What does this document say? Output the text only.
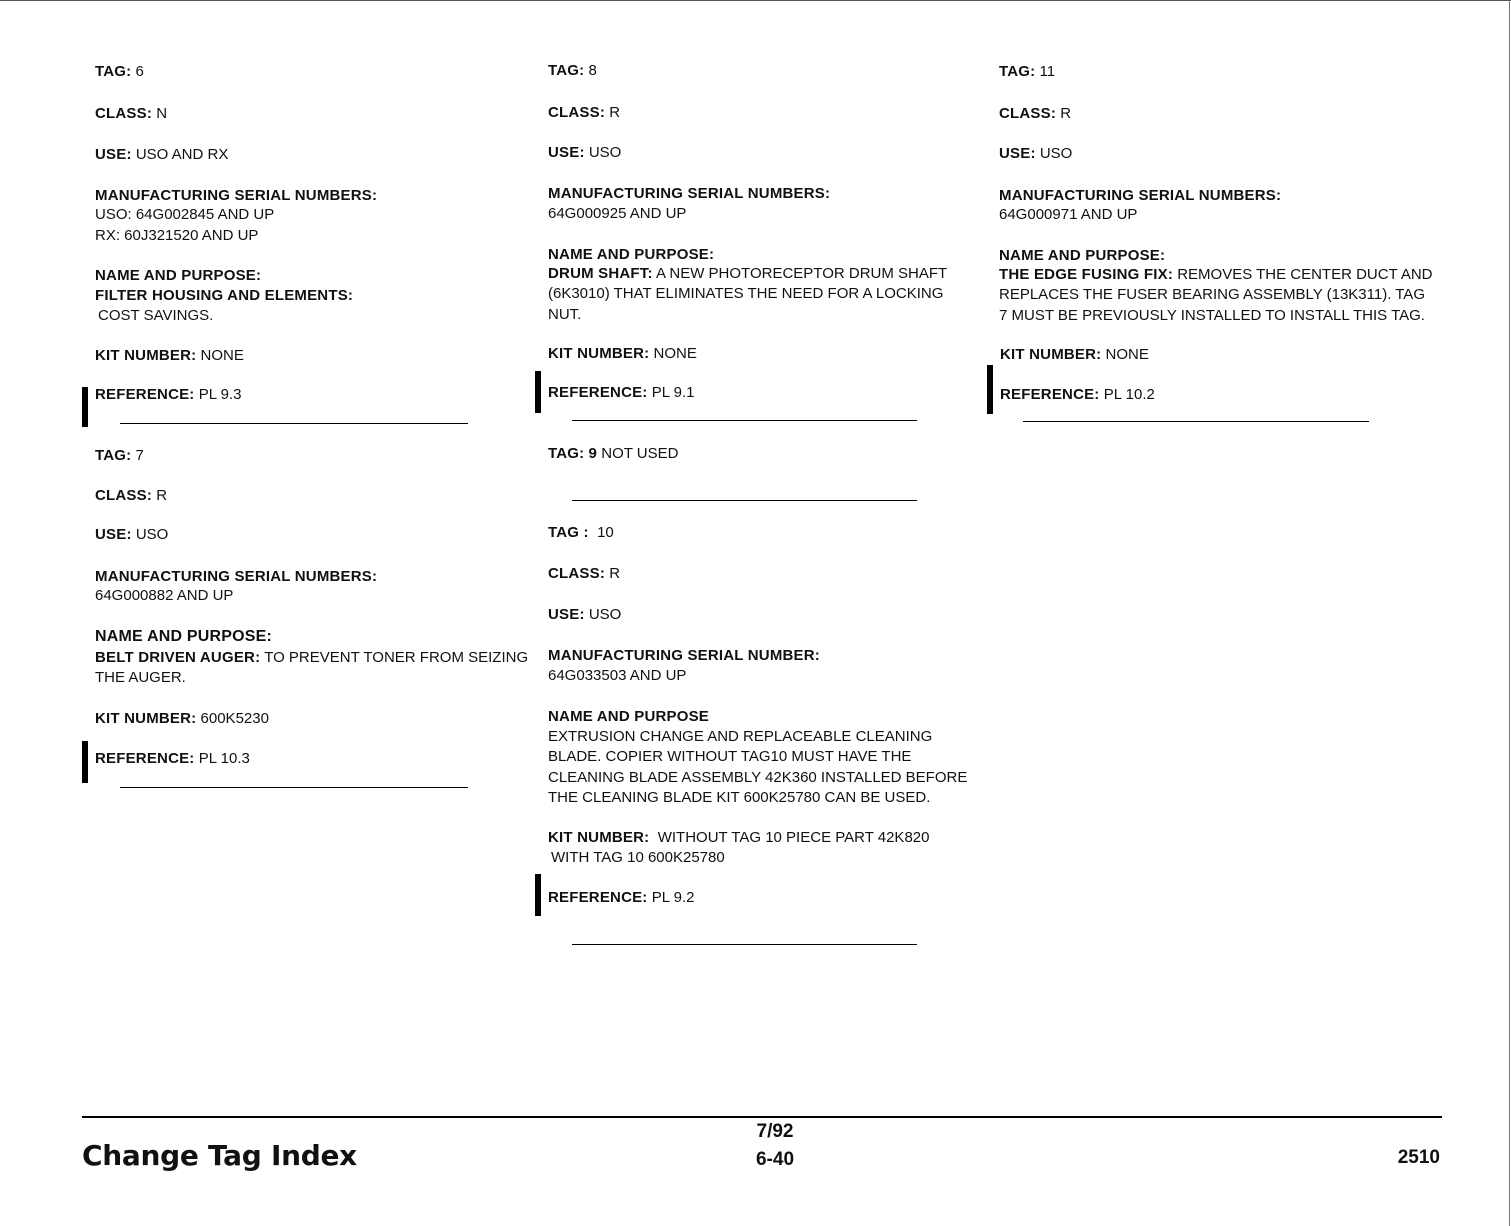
TAG: 6

CLASS: N

USE: USO AND RX

MANUFACTURING SERIAL NUMBERS:

USO: 64G002845 AND UP

RX: 60J321520 AND UP

NAME AND PURPOSE:

FILTER HOUSING AND ELEMENTS:

COST SAVINGS.

KIT NUMBER: NONE

REFERENCE: PL 9.3

TAG: 7

CLASS: R

USE: USO

MANUFACTURING SERIAL NUMBERS:

64G000882 AND UP

NAME AND PURPOSE:

BELT DRIVEN AUGER: TO PREVENT TONER FROM SEIZING

THE AUGER.

KIT NUMBER: 600K5230

REFERENCE: PL 10.3

TAG: 8

CLASS: R

USE: USO

MANUFACTURING SERIAL NUMBERS:

64G000925 AND UP

NAME AND PURPOSE:

DRUM SHAFT: A NEW PHOTORECEPTOR DRUM SHAFT

(6K3010) THAT ELIMINATES THE NEED FOR A LOCKING

NUT.

KIT NUMBER: NONE

REFERENCE: PL 9.1

TAG: 9 NOT USED

TAG : 10

CLASS: R

USE: USO

MANUFACTURING SERIAL NUMBER:

64G033503 AND UP

NAME AND PURPOSE

EXTRUSION CHANGE AND REPLACEABLE CLEANING

BLADE. COPIER WITHOUT TAG10 MUST HAVE THE

CLEANING BLADE ASSEMBLY 42K360 INSTALLED BEFORE

THE CLEANING BLADE KIT 600K25780 CAN BE USED.

KIT NUMBER: WITHOUT TAG 10 PIECE PART 42K820

WITH TAG 10 600K25780

REFERENCE: PL 9.2

TAG: 11

CLASS: R

USE: USO

MANUFACTURING SERIAL NUMBERS:

64G000971 AND UP

NAME AND PURPOSE:

THE EDGE FUSING FIX: REMOVES THE CENTER DUCT AND

REPLACES THE FUSER BEARING ASSEMBLY (13K311). TAG

7 MUST BE PREVIOUSLY INSTALLED TO INSTALL THIS TAG.

KIT NUMBER: NONE

REFERENCE: PL 10.2

Change Tag Index
7/92
6-40	2510
